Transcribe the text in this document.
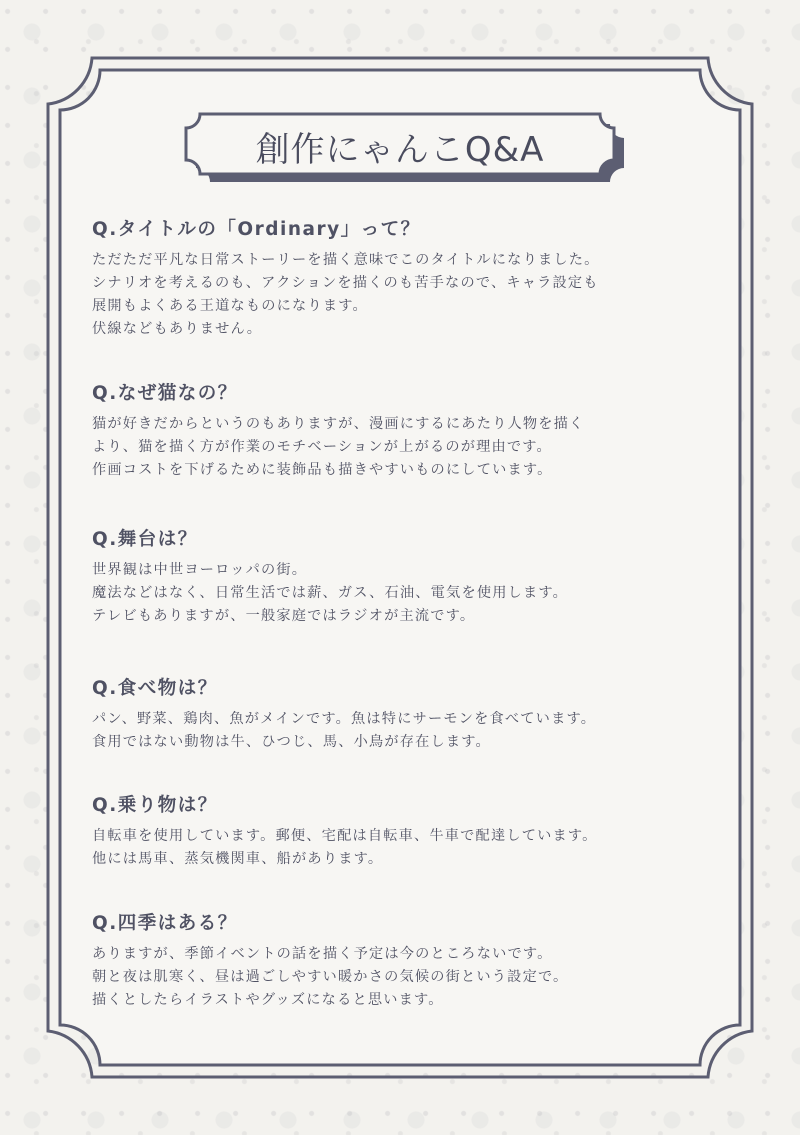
創作にゃんこQ&A
Q.タイトルの「Ordinary」って？
ただただ平凡な日常ストーリーを描く意味でこのタイトルになりました。
シナリオを考えるのも、アクションを描くのも苦手なので、キャラ設定も
展開もよくある王道なものになります。
伏線などもありません。
Q.なぜ猫なの？
猫が好きだからというのもありますが、漫画にするにあたり人物を描く
より、猫を描く方が作業のモチベーションが上がるのが理由です。
作画コストを下げるために装飾品も描きやすいものにしています。
Q.舞台は？
世界観は中世ヨーロッパの街。
魔法などはなく、日常生活では薪、ガス、石油、電気を使用します。
テレビもありますが、一般家庭ではラジオが主流です。
Q.食べ物は？
パン、野菜、鶏肉、魚がメインです。魚は特にサーモンを食べています。
食用ではない動物は牛、ひつじ、馬、小鳥が存在します。
Q.乗り物は？
自転車を使用しています。郵便、宅配は自転車、牛車で配達しています。
他には馬車、蒸気機関車、船があります。
Q.四季はある？
ありますが、季節イベントの話を描く予定は今のところないです。
朝と夜は肌寒く、昼は過ごしやすい暖かさの気候の街という設定で。
描くとしたらイラストやグッズになると思います。
